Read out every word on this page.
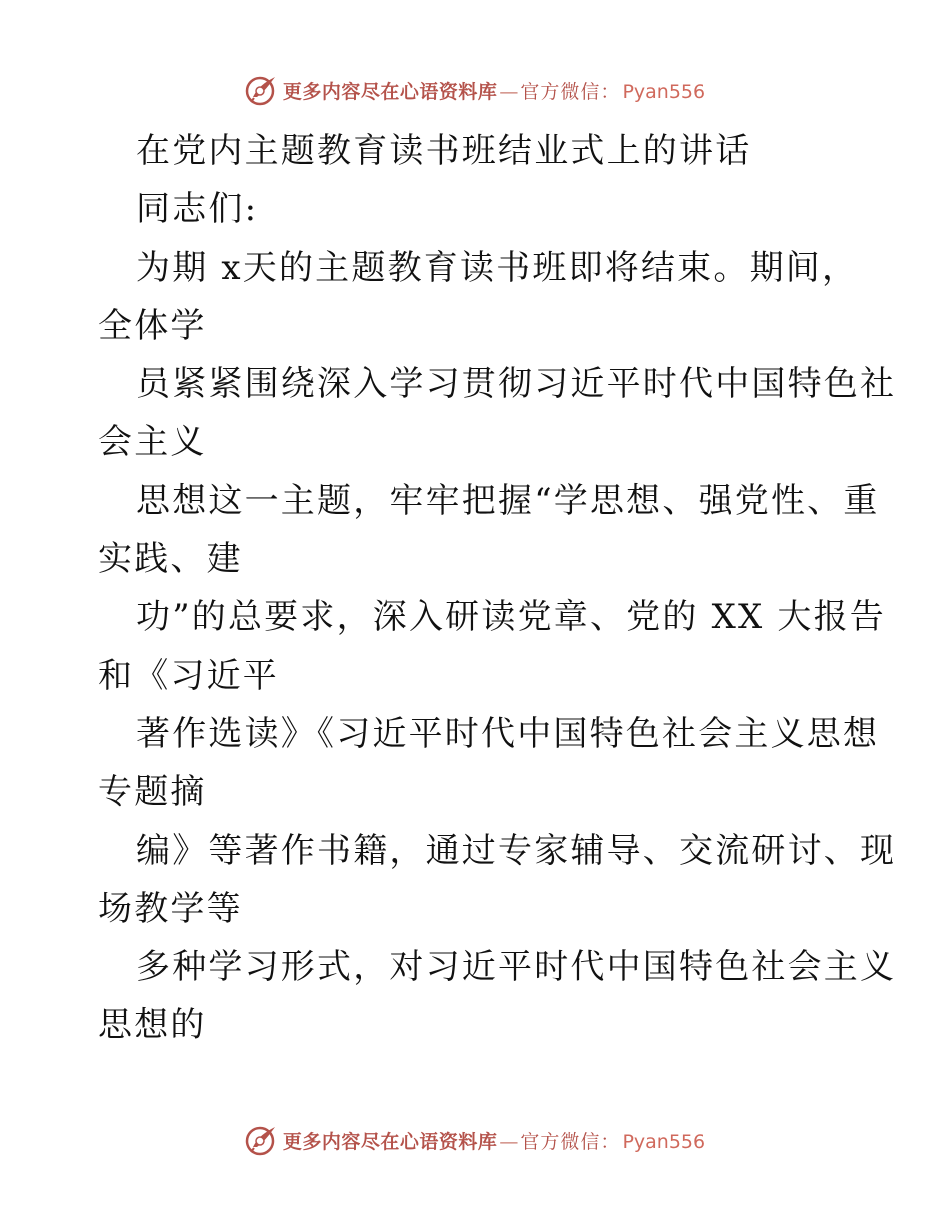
更多内容尽在心语资料库 — 官方微信： Pyan556
在党内主题教育读书班结业式上的讲话
同志们:
为期 x天的主题教育读书班即将结束。期间，
全体学
员紧紧围绕深入学习贯彻习近平时代中国特色社
会主义
思想这一主题，牢牢把握“学思想、强党性、重
实践、建
功”的总要求，深入研读党章、党的 XX 大报告
和《习近平
著作选读》《习近平时代中国特色社会主义思想
专题摘
编》等著作书籍，通过专家辅导、交流研讨、现
场教学等
多种学习形式，对习近平时代中国特色社会主义
思想的
更多内容尽在心语资料库 — 官方微信： Pyan556
